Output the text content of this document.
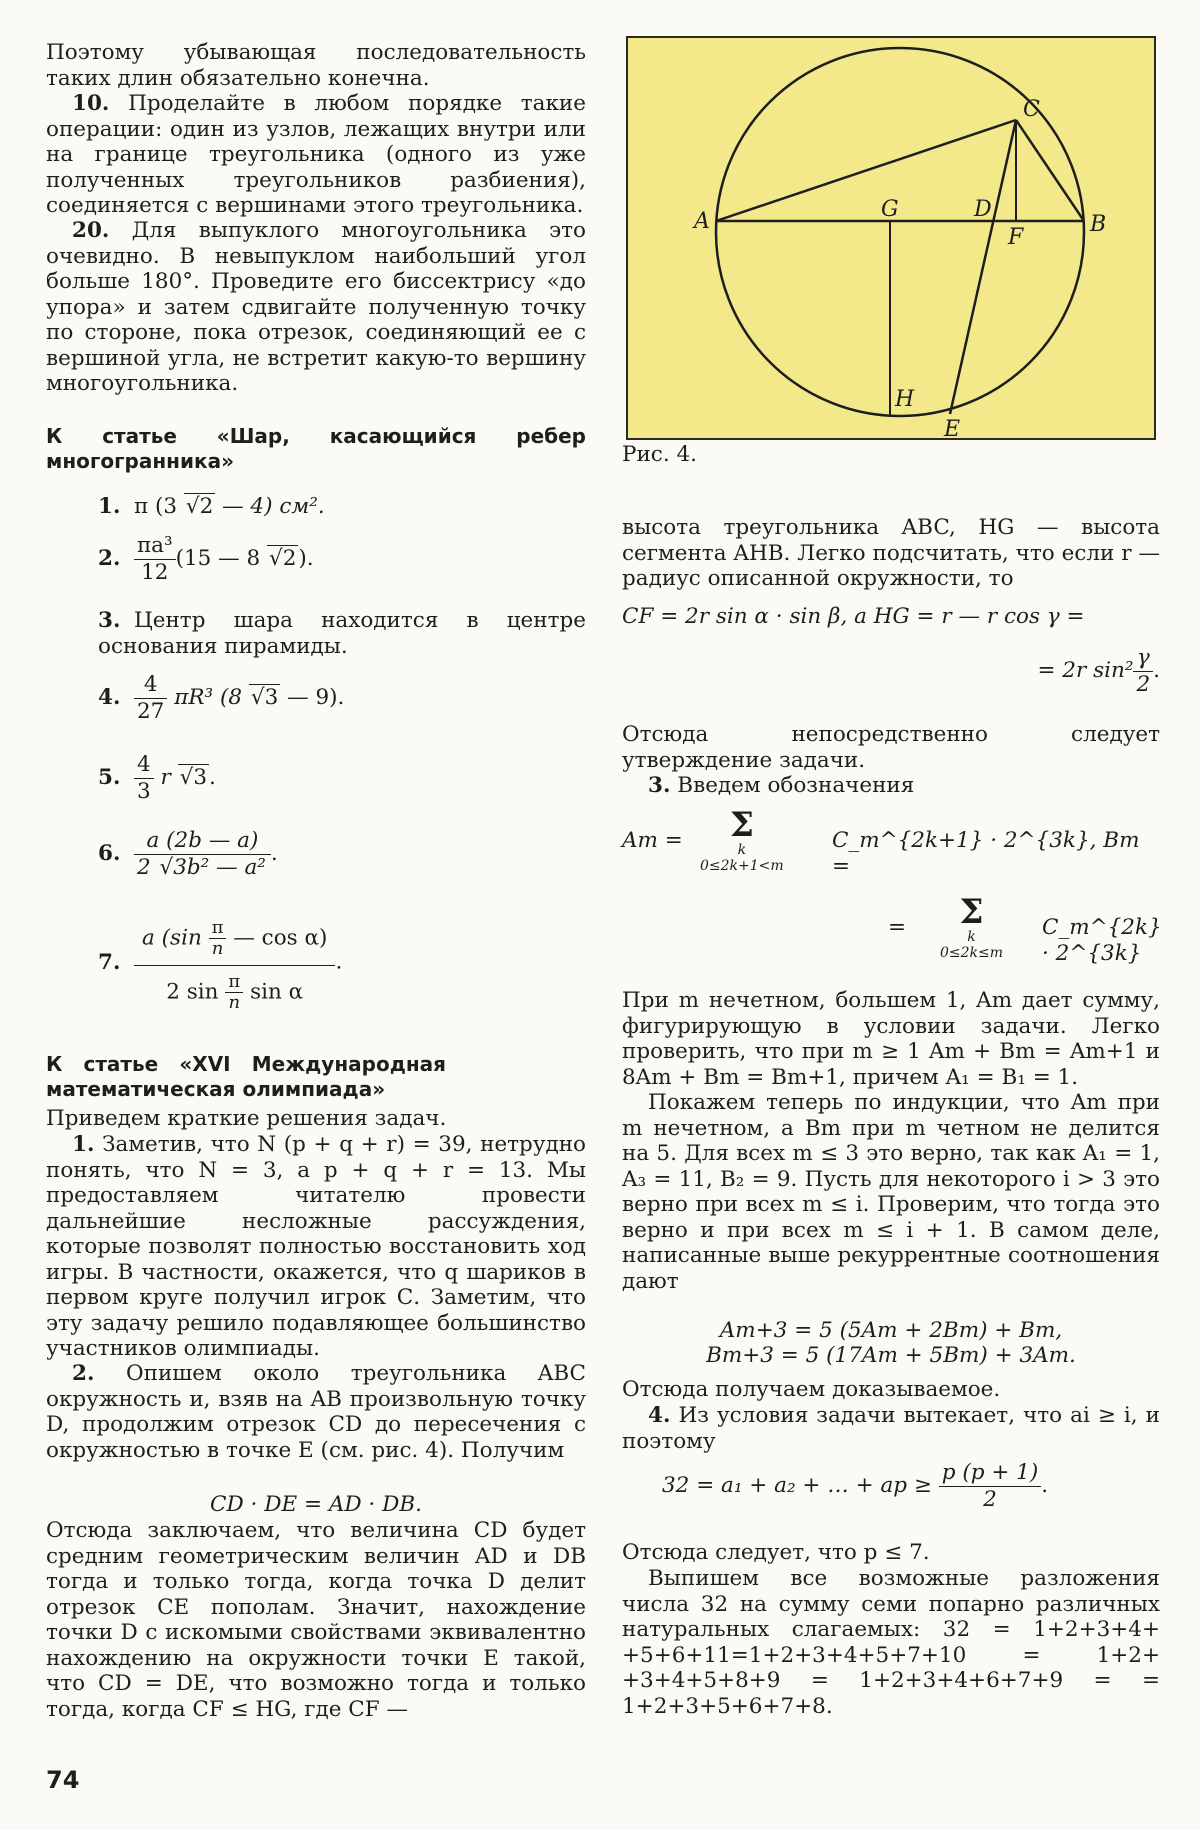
Поэтому убывающая последовательность таких длин обязательно конечна.

10. Проделайте в любом порядке такие операции: один из узлов, лежащих внутри или на границе треугольника (одного из уже полученных треугольников разбиения), соединяется с вершинами этого треугольника.

20. Для выпуклого многоугольника это очевидно. В невыпуклом наибольший угол больше 180°. Проведите его биссектрису «до упора» и затем сдвигайте полученную точку по стороне, пока отрезок, соединяющий ее с вершиной угла, не встретит какую-то вершину многоугольника.

К статье «Шар, касающийся ребер многогранника»

1. π (3 √2 — 4) см².
2. $\frac{\text{πa³}}{12} (15$ — 8 √2).

3. Центр шара находится в центре основания пирамиды.

4. $\frac{4}{27} \pi R^3$ (8 √3 — 9).
5. $\frac{4}{3}$ r √3.
6. $\frac{a (2b — a)}{\text{2 √3b² — a²}}$ .
7. $\frac{a (\sin \frac{\pi}{n} — \cos \alpha)}{2 \sin \frac{\pi}{n} \sin \alpha}$ .

К статье «XVI Международная математическая олимпиада»

Приведем краткие решения задач.

1. Заметив, что N (p + q + r) = 39, нетрудно понять, что N = 3, а p + q + r = 13. Мы предоставляем читателю провести дальнейшие несложные рассуждения, которые позволят полностью восстановить ход игры. В частности, окажется, что q шариков в первом круге получил игрок С. Заметим, что эту задачу решило подавляющее большинство участников олимпиады.

2. Опишем около треугольника ABC окружность и, взяв на AB произвольную точку D, продолжим отрезок CD до пересечения с окружностью в точке E (см. рис. 4). Получим

CD · DE = AD · DB.

Отсюда заключаем, что величина CD будет средним геометрическим величин AD и DB тогда и только тогда, когда точка D делит отрезок CE пополам. Значит, нахождение точки D с искомыми свойствами эквивалентно нахождению на окружности точки E такой, что CD = DE, что возможно тогда и только тогда, когда CF ≤ HG, где CF —

A	B
C
D
E
F
G
H

Рис. 4.

высота треугольника ABC, HG — высота сегмента AHB. Легко подсчитать, что если r — радиус описанной окружности, то

CF = 2r sin α · sin β, а HG = r — r cos γ =

= 2r $\sin^2 \frac{\gamma}{2}$ .

Отсюда непосредственно следует утверждение задачи.

3. Введем обозначения

Am = Σ
k
0≤2k+1<m
C_m^{2k+1} · 2^{3k}, Bm =
= Σ
k
0≤2k≤m
C_m^{2k} · 2^{3k}

При m нечетном, большем 1, Am дает сумму, фигурирующую в условии задачи. Легко проверить, что при m ≥ 1 Am + Bm = Am+1 и 8Am + Bm = Bm+1, причем A₁ = B₁ = 1.

Покажем теперь по индукции, что Am при m нечетном, а Bm при m четном не делится на 5. Для всех m ≤ 3 это верно, так как A₁ = 1, A₃ = 11, B₂ = 9. Пусть для некоторого i > 3 это верно при всех m ≤ i. Проверим, что тогда это верно и при всех m ≤ i + 1. В самом деле, написанные выше рекуррентные соотношения дают

Am+3 = 5 (5Am + 2Bm) + Bm,

Bm+3 = 5 (17Am + 5Bm) + 3Am.

Отсюда получаем доказываемое.

4. Из условия задачи вытекает, что ai ≥ i, и поэтому

32 = a₁ + a₂ + … + ap ≥ $\frac{p (p + 1)}{2}$ .

Отсюда следует, что p ≤ 7.

Выпишем все возможные разложения числа 32 на сумму семи попарно различных натуральных слагаемых: 32 = 1+2+3+4+ +5+6+11=1+2+3+4+5+7+10 = 1+2+ +3+4+5+8+9 = 1+2+3+4+6+7+9 = = 1+2+3+5+6+7+8.

74
